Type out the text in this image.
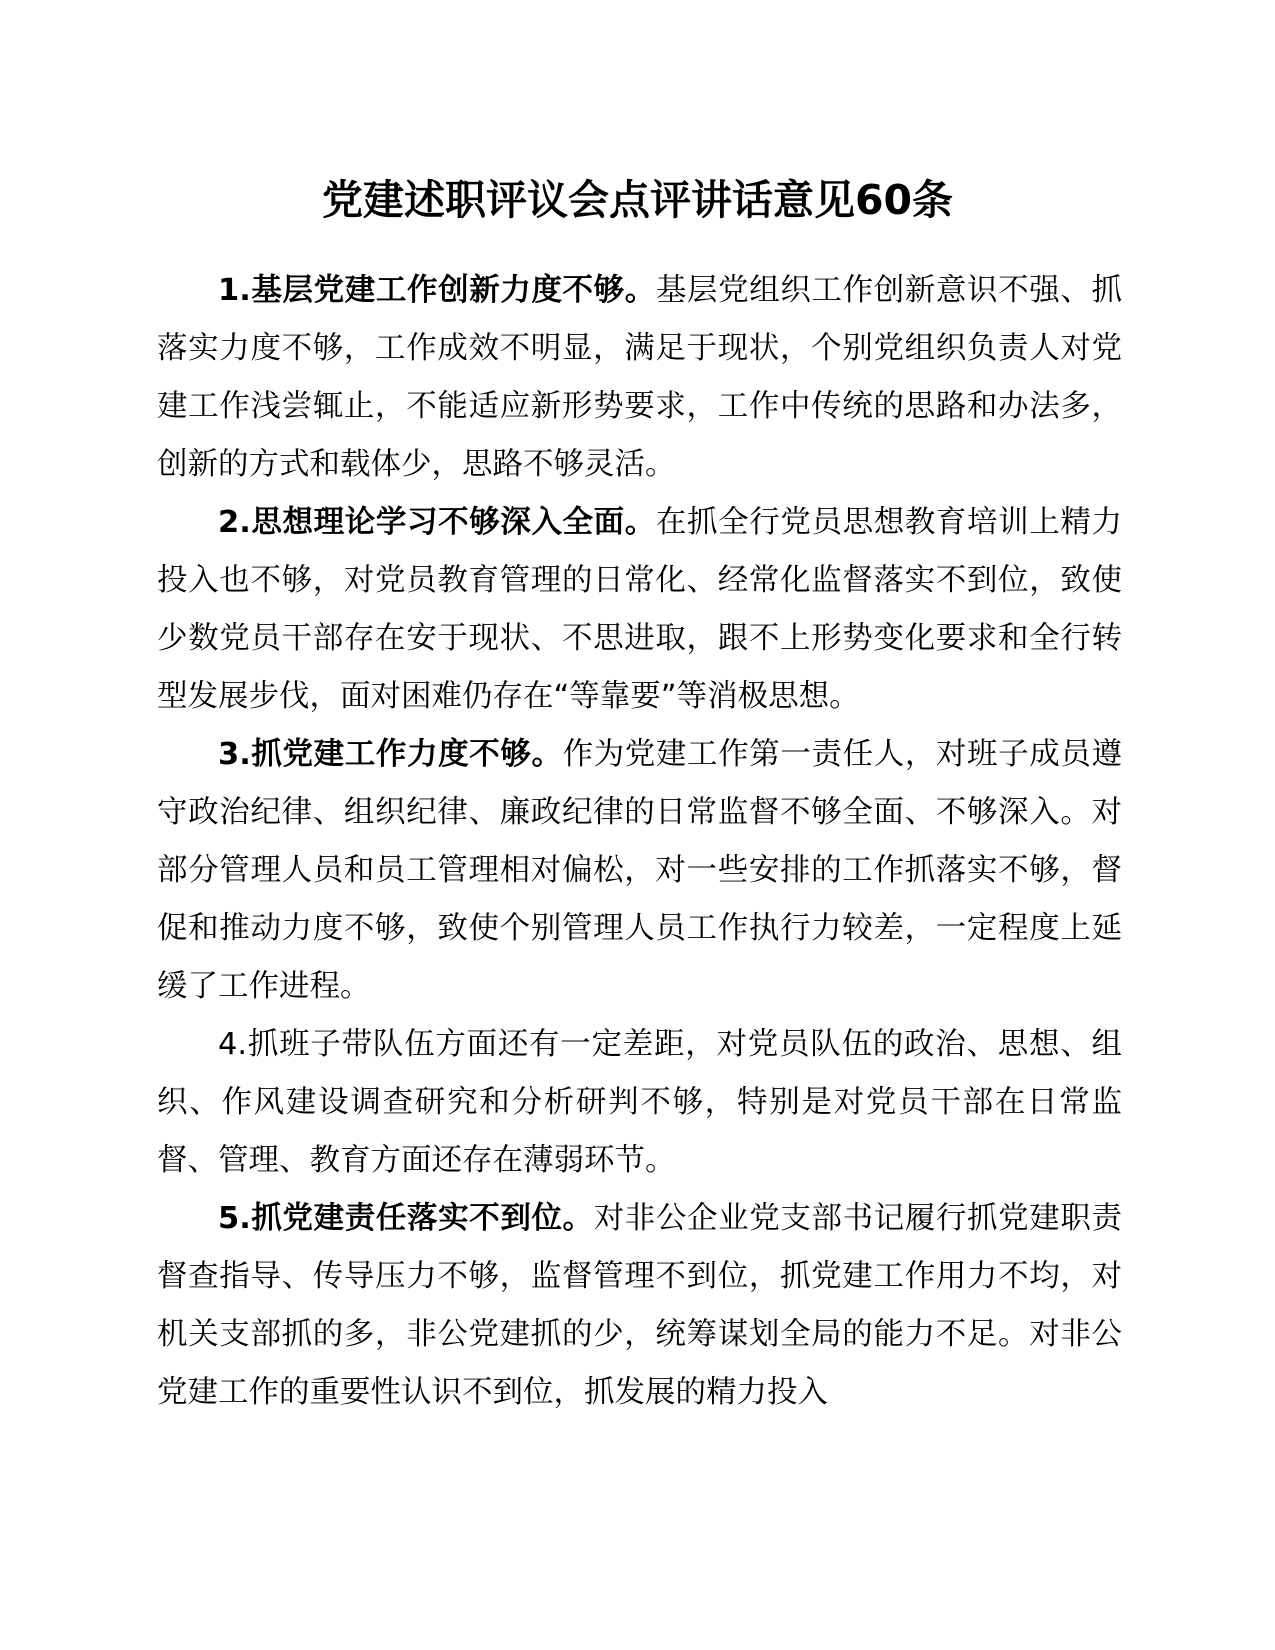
党建述职评议会点评讲话意见60条

1.基层党建工作创新力度不够。基层党组织工作创新意识不强、抓落实力度不够，工作成效不明显，满足于现状，个别党组织负责人对党建工作浅尝辄止，不能适应新形势要求，工作中传统的思路和办法多，创新的方式和载体少，思路不够灵活。

2.思想理论学习不够深入全面。在抓全行党员思想教育培训上精力投入也不够，对党员教育管理的日常化、经常化监督落实不到位，致使少数党员干部存在安于现状、不思进取，跟不上形势变化要求和全行转型发展步伐，面对困难仍存在“等靠要”等消极思想。

3.抓党建工作力度不够。作为党建工作第一责任人，对班子成员遵守政治纪律、组织纪律、廉政纪律的日常监督不够全面、不够深入。对部分管理人员和员工管理相对偏松，对一些安排的工作抓落实不够，督促和推动力度不够，致使个别管理人员工作执行力较差，一定程度上延缓了工作进程。

4.抓班子带队伍方面还有一定差距，对党员队伍的政治、思想、组织、作风建设调查研究和分析研判不够，特别是对党员干部在日常监督、管理、教育方面还存在薄弱环节。

5.抓党建责任落实不到位。对非公企业党支部书记履行抓党建职责督查指导、传导压力不够，监督管理不到位，抓党建工作用力不均，对机关支部抓的多，非公党建抓的少，统筹谋划全局的能力不足。对非公党建工作的重要性认识不到位，抓发展的精力投入
